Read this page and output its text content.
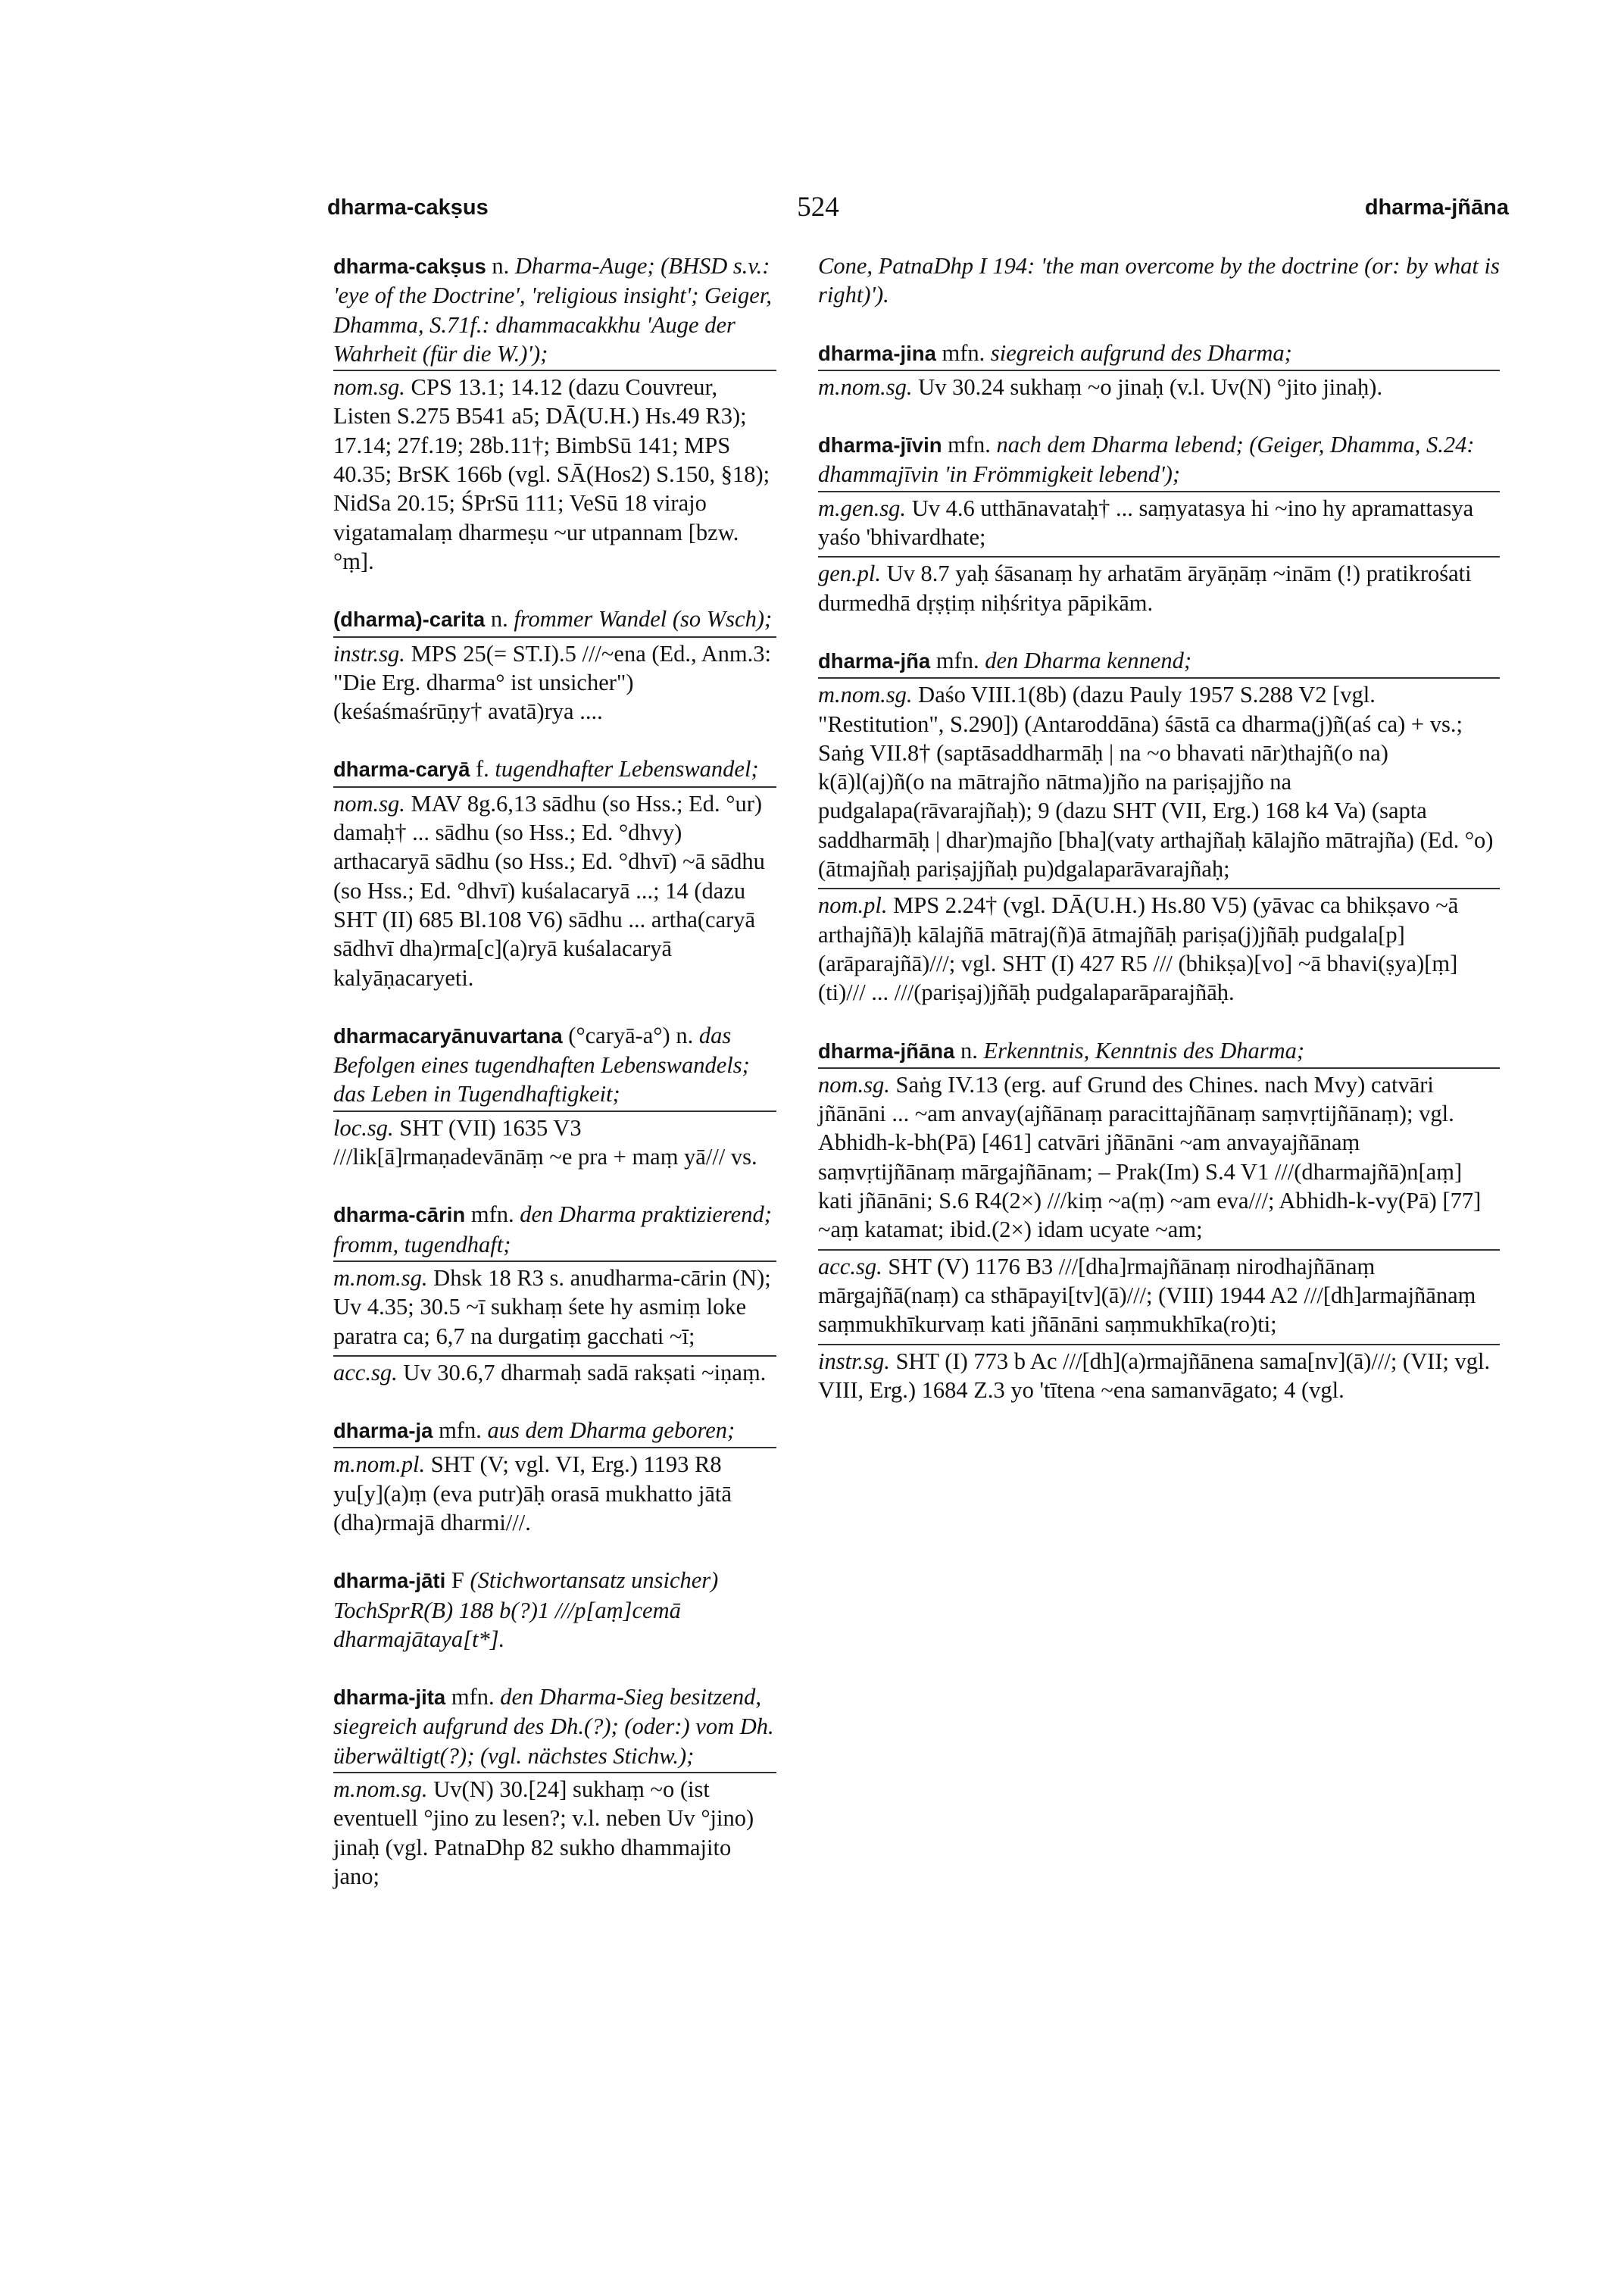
dharma-cakṣus	524	dharma-jñāna
dharma-cakṣus n. Dharma-Auge; (BHSD s.v.: 'eye of the Doctrine', 'religious insight'; Geiger, Dhamma, S.71f.: dhammacakkhu 'Auge der Wahrheit (für die W.)');
nom.sg. CPS 13.1; 14.12 (dazu Couvreur, Listen S.275 B541 a5; DĀ(U.H.) Hs.49 R3); 17.14; 27f.19; 28b.11†; BimbSū 141; MPS 40.35; BrSK 166b (vgl. SĀ(Hos2) S.150, §18); NidSa 20.15; ŚPrSū 111; VeSū 18 virajo vigatamalaṃ dharmeṣu ~ur utpannam [bzw. °ṃ].
(dharma)-carita n. frommer Wandel (so Wsch);
instr.sg. MPS 25(= ST.I).5 ///~ena (Ed., Anm.3: "Die Erg. dharma° ist unsicher") (keśaśmaśrūṇy† avatā)rya ....
dharma-caryā f. tugendhafter Lebenswandel;
nom.sg. MAV 8g.6,13 sādhu (so Hss.; Ed. °ur) damaḥ† ... sādhu (so Hss.; Ed. °dhvy) arthacaryā sādhu (so Hss.; Ed. °dhvī) ~ā sādhu (so Hss.; Ed. °dhvī) kuśalacaryā ...; 14 (dazu SHT (II) 685 Bl.108 V6) sādhu ... artha(caryā sādhvī dha)rma[c](a)ryā kuśalacaryā kalyāṇacaryeti.
dharmacaryānuvartana (°caryā-a°) n. das Befolgen eines tugendhaften Lebenswandels; das Leben in Tugendhaftigkeit;
loc.sg. SHT (VII) 1635 V3 ///lik[ā]rmaṇadevānāṃ ~e pra + maṃ yā/// vs.
dharma-cārin mfn. den Dharma praktizierend; fromm, tugendhaft;
m.nom.sg. Dhsk 18 R3 s. anudharma-cārin (N); Uv 4.35; 30.5 ~ī sukhaṃ śete hy asmiṃ loke paratra ca; 6,7 na durgatiṃ gacchati ~ī;
acc.sg. Uv 30.6,7 dharmaḥ sadā rakṣati ~iṇaṃ.
dharma-ja mfn. aus dem Dharma geboren;
m.nom.pl. SHT (V; vgl. VI, Erg.) 1193 R8 yu[y](a)ṃ (eva putr)āḥ orasā mukhatto jātā (dha)rmajā dharmi///.
dharma-jāti F (Stichwortansatz unsicher) TochSprR(B) 188 b(?)1 ///p[aṃ]cemā dharmajātaya[t*].
dharma-jita mfn. den Dharma-Sieg besitzend, siegreich aufgrund des Dh.(?); (oder:) vom Dh. überwältigt(?); (vgl. nächstes Stichw.);
m.nom.sg. Uv(N) 30.[24] sukhaṃ ~o (ist eventuell °jino zu lesen?; v.l. neben Uv °jino) jinaḥ (vgl. PatnaDhp 82 sukho dhammajito jano;
Cone, PatnaDhp I 194: 'the man overcome by the doctrine (or: by what is right)').
dharma-jina mfn. siegreich aufgrund des Dharma;
m.nom.sg. Uv 30.24 sukhaṃ ~o jinaḥ (v.l. Uv(N) °jito jinaḥ).
dharma-jīvin mfn. nach dem Dharma lebend; (Geiger, Dhamma, S.24: dhammajīvin 'in Frömmigkeit lebend');
m.gen.sg. Uv 4.6 utthānavataḥ† ... saṃyatasya hi ~ino hy apramattasya yaśo 'bhivardhate;
gen.pl. Uv 8.7 yaḥ śāsanaṃ hy arhatām āryāṇāṃ ~inām (!) pratikrośati durmedhā dṛṣṭiṃ niḥśritya pāpikām.
dharma-jña mfn. den Dharma kennend;
m.nom.sg. Daśo VIII.1(8b) (dazu Pauly 1957 S.288 V2 [vgl. "Restitution", S.290]) (Antaroddāna) śāstā ca dharma(j)ñ(aś ca) + vs.; Saṅg VII.8† (saptāsaddharmāḥ | na ~o bhavati nār)thajñ(o na) k(ā)l(aj)ñ(o na mātrajño nātma)jño na pariṣajjño na pudgalapa(rāvarajñaḥ); 9 (dazu SHT (VII, Erg.) 168 k4 Va) (sapta saddharmāḥ | dhar)majño [bha](vaty arthajñaḥ kālajño mātrajña) (Ed. °o) (ātmajñaḥ pariṣajjñaḥ pu)dgalaparāvarajñaḥ;
nom.pl. MPS 2.24† (vgl. DĀ(U.H.) Hs.80 V5) (yāvac ca bhikṣavo ~ā arthajñā)ḥ kālajñā mātraj(ñ)ā ātmajñāḥ pariṣa(j)jñāḥ pudgala[p](arāparajñā)///; vgl. SHT (I) 427 R5 /// (bhikṣa)[vo] ~ā bhavi(ṣya)[ṃ](ti)/// ... ///(pariṣaj)jñāḥ pudgalaparāparajñāḥ.
dharma-jñāna n. Erkenntnis, Kenntnis des Dharma;
nom.sg. Saṅg IV.13 (erg. auf Grund des Chines. nach Mvy) catvāri jñānāni ... ~am anvay(ajñānaṃ paracittajñānaṃ saṃvṛtijñānaṃ); vgl. Abhidh-k-bh(Pā) [461] catvāri jñānāni ~am anvayajñānaṃ saṃvṛtijñānaṃ mārgajñānam; – Prak(Im) S.4 V1 ///(dharmajñā)n[aṃ] kati jñānāni; S.6 R4(2×) ///kiṃ ~a(ṃ) ~am eva///; Abhidh-k-vy(Pā) [77] ~aṃ katamat; ibid.(2×) idam ucyate ~am;
acc.sg. SHT (V) 1176 B3 ///[dha]rmajñānaṃ nirodhajñānaṃ mārgajñā(naṃ) ca sthāpayi[tv](ā)///; (VIII) 1944 A2 ///[dh]armajñānaṃ saṃmukhīkurvaṃ kati jñānāni saṃmukhīka(ro)ti;
instr.sg. SHT (I) 773 b Ac ///[dh](a)rmajñānena sama[nv](ā)///; (VII; vgl. VIII, Erg.) 1684 Z.3 yo 'tītena ~ena samanvāgato; 4 (vgl.
